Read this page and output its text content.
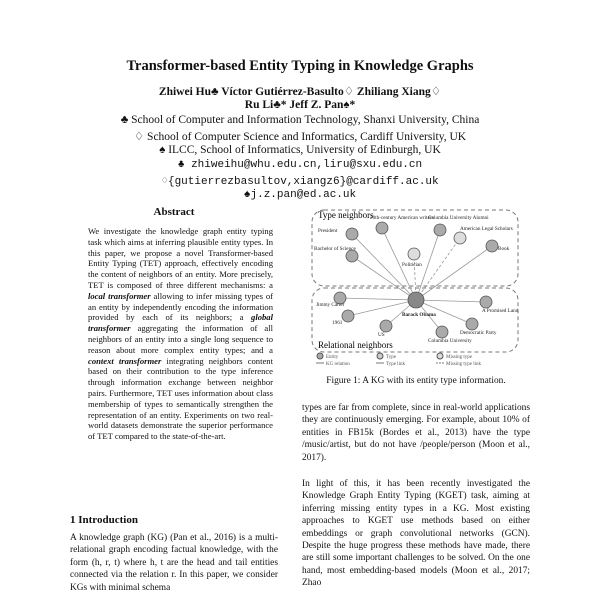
Transformer-based Entity Typing in Knowledge Graphs
Zhiwei Hu♣ Víctor Gutiérrez-Basulto♢ Zhiliang Xiang♢
Ru Li♣* Jeff Z. Pan♠*
♣ School of Computer and Information Technology, Shanxi University, China
♢ School of Computer Science and Informatics, Cardiff University, UK
♠ ILCC, School of Informatics, University of Edinburgh, UK
♣ zhiweihu@whu.edu.cn,liru@sxu.edu.cn
♢{gutierrezbasultov,xiangz6}@cardiff.ac.uk
♠j.z.pan@ed.ac.uk
Abstract
We investigate the knowledge graph entity typing task which aims at inferring plausible entity types. In this paper, we propose a novel Transformer-based Entity Typing (TET) approach, effectively encoding the content of neighbors of an entity. More precisely, TET is composed of three different mechanisms: a local transformer allowing to infer missing types of an entity by independently encoding the information provided by each of its neighbors; a global transformer aggregating the information of all neighbors of an entity into a single long sequence to reason about more complex entity types; and a context transformer integrating neighbors content based on their contribution to the type inference through information exchange between neighbor pairs. Furthermore, TET uses information about class membership of types to semantically strengthen the representation of an entity. Experiments on two real-world datasets demonstrate the superior performance of TET compared to the state-of-the-art.
1 Introduction
A knowledge graph (KG) (Pan et al., 2016) is a multi-relational graph encoding factual knowledge, with the form (h, r, t) where h, t are the head and tail entities connected via the relation r. In this paper, we consider KGs with minimal schema
Type neighbors
Relational neighbors
President
Bachelor of Science
20th-century American writers
Columbia University Alumni
Politician
American Legal Scholars
Book
Barack Obama
Jimmy Carter
1961
US
Columbia University
Democratic Party
A Promised Land
Entity	Type	Missing type
KG relation	Type link	Missing type link
Figure 1: A KG with its entity type information.
types are far from complete, since in real-world applications they are continuously emerging. For example, about 10% of entities in FB15k (Bordes et al., 2013) have the type /music/artist, but do not have /people/person (Moon et al., 2017).
In light of this, it has been recently investigated the Knowledge Graph Entity Typing (KGET) task, aiming at inferring missing entity types in a KG. Most existing approaches to KGET use methods based on either embeddings or graph convolutional networks (GCN). Despite the huge progress these methods have made, there are still some important challenges to be solved. On the one hand, most embedding-based models (Moon et al., 2017; Zhao
